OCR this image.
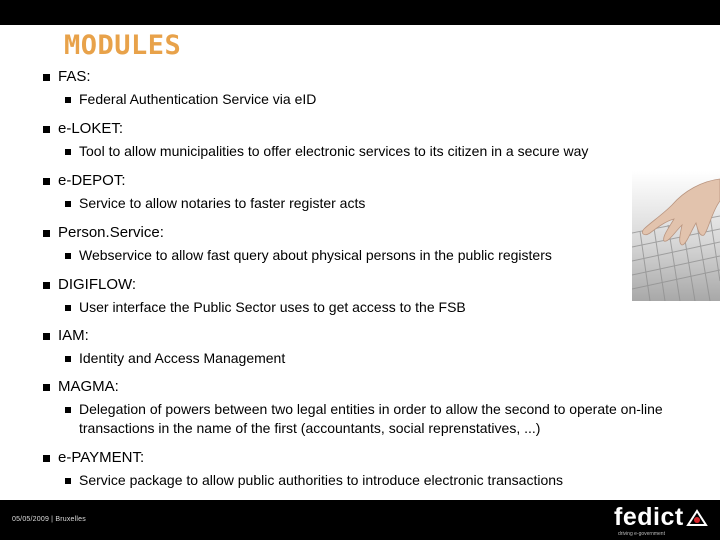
MODULES
FAS:
Federal Authentication Service via eID
e-LOKET:
Tool to allow municipalities to offer electronic services to its citizen in a secure way
e-DEPOT:
Service to allow notaries to faster register acts
Person.Service:
Webservice to allow fast query about physical persons in the public registers
DIGIFLOW:
User interface the Public Sector uses to get access to the FSB
IAM:
Identity and Access Management
MAGMA:
Delegation of powers between two legal entities in order to allow the second to operate on-line transactions in the name of the first (accountants, social reprenstatives, ...)
e-PAYMENT:
Service package to allow public authorities to introduce electronic transactions
05/05/2009 | Bruxelles	fedict
driving e-government
